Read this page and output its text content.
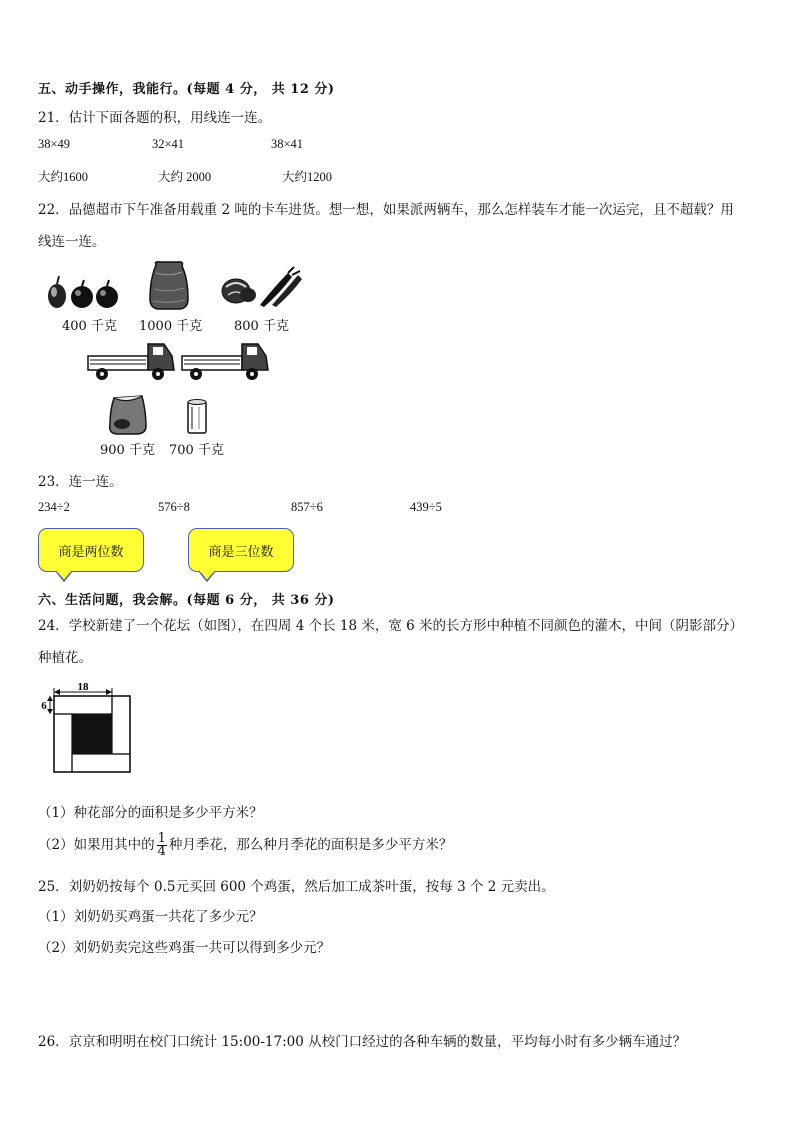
五、动手操作，我能行。(每题 4 分， 共 12 分)
21．估计下面各题的积，用线连一连。
38×49	32×41	38×41
大约1600	大约 2000	大约1200
22．品德超市下午准备用载重 2 吨的卡车进货。想一想，如果派两辆车，那么怎样装车才能一次运完，且不超载？用
线连一连。
400 千克 1000 千克 800 千克
900 千克 700 千克
23．连一连。
234÷2	576÷8	857÷6	439÷5
商是两位数	商是三位数
六、生活问题，我会解。(每题 6 分， 共 36 分)
24．学校新建了一个花坛（如图），在四周 4 个长 18 米，宽 6 米的长方形中种植不同颜色的灌木，中间（阴影部分）
种植花。
18
6
（1）种花部分的面积是多少平方米？
（2）如果用其中的 $\frac{1}{4}$ 种月季花，那么种月季花的面积是多少平方米？
25．刘奶奶按每个 0.5元买回 600 个鸡蛋，然后加工成茶叶蛋，按每 3 个 2 元卖出。
（1）刘奶奶买鸡蛋一共花了多少元？
（2）刘奶奶卖完这些鸡蛋一共可以得到多少元？
26．京京和明明在校门口统计 15:00-17:00 从校门口经过的各种车辆的数量，平均每小时有多少辆车通过？
